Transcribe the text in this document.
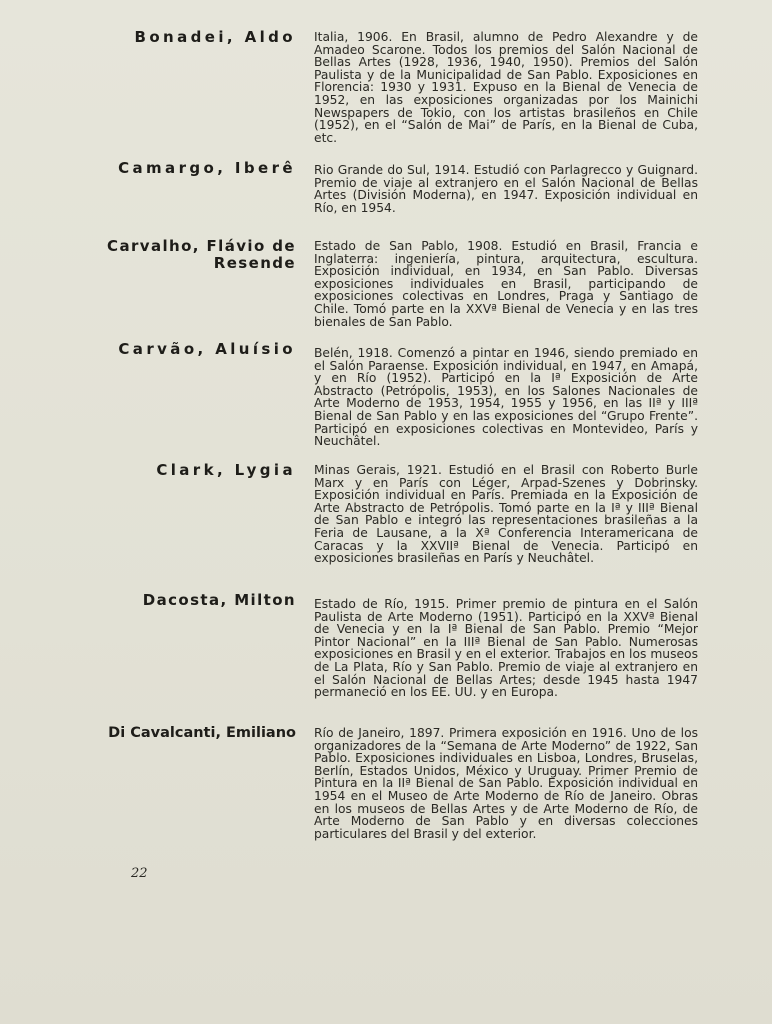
Bonadei, Aldo Italia, 1906. En Brasil, alumno de Pedro Alexandre y de Amadeo Scarone. Todos los premios del Salón Nacional de Bellas Artes (1928, 1936, 1940, 1950). Premios del Salón Paulista y de la Municipalidad de San Pablo. Exposiciones en Florencia: 1930 y 1931. Expuso en la Bienal de Venecia de 1952, en las exposiciones organizadas por los Mainichi Newspapers de Tokio, con los artistas brasileños en Chile (1952), en el “Salón de Mai” de París, en la Bienal de Cuba, etc.
Camargo, Iberê Rio Grande do Sul, 1914. Estudió con Parlagrecco y Guignard. Premio de viaje al extranjero en el Salón Nacional de Bellas Artes (División Moderna), en 1947. Exposición individual en Río, en 1954.
Carvalho, Flávio de Resende
Estado de San Pablo, 1908. Estudió en Brasil, Francia e Inglaterra: ingeniería, pintura, arquitectura, escultura. Exposición individual, en 1934, en San Pablo. Diversas exposiciones individuales en Brasil, participando de exposiciones colectivas en Londres, Praga y Santiago de Chile. Tomó parte en la XXVª Bienal de Venecia y en las tres bienales de San Pablo.
Carvão, Aluísio Belén, 1918. Comenzó a pintar en 1946, siendo premiado en el Salón Paraense. Exposición individual, en 1947, en Amapá, y en Río (1952). Participó en la Iª Exposición de Arte Abstracto (Petrópolis, 1953), en los Salones Nacionales de Arte Moderno de 1953, 1954, 1955 y 1956, en las IIª y IIIª Bienal de San Pablo y en las exposiciones del “Grupo Frente”. Participó en exposiciones colectivas en Montevideo, París y Neuchâtel.
Clark, Lygia Minas Gerais, 1921. Estudió en el Brasil con Roberto Burle Marx y en París con Léger, Arpad-Szenes y Dobrinsky. Exposición individual en París. Premiada en la Exposición de Arte Abstracto de Petrópolis. Tomó parte en la Iª y IIIª Bienal de San Pablo e integró las representaciones brasileñas a la Feria de Lausane, a la Xª Conferencia Interamericana de Caracas y la XXVIIª Bienal de Venecia. Participó en exposiciones brasileñas en París y Neuchâtel.
Dacosta, Milton Estado de Río, 1915. Primer premio de pintura en el Salón Paulista de Arte Moderno (1951). Participó en la XXVª Bienal de Venecia y en la Iª Bienal de San Pablo. Premio “Mejor Pintor Nacional” en la IIIª Bienal de San Pablo. Numerosas exposiciones en Brasil y en el exterior. Trabajos en los museos de La Plata, Río y San Pablo. Premio de viaje al extranjero en el Salón Nacional de Bellas Artes; desde 1945 hasta 1947 permaneció en los EE. UU. y en Europa.
Di Cavalcanti, Emiliano Río de Janeiro, 1897. Primera exposición en 1916. Uno de los organizadores de la “Semana de Arte Moderno” de 1922, San Pablo. Exposiciones individuales en Lisboa, Londres, Bruselas, Berlín, Estados Unidos, México y Uruguay. Primer Premio de Pintura en la IIª Bienal de San Pablo. Exposición individual en 1954 en el Museo de Arte Moderno de Río de Janeiro. Obras en los museos de Bellas Artes y de Arte Moderno de Río, de Arte Moderno de San Pablo y en diversas colecciones particulares del Brasil y del exterior.
22
